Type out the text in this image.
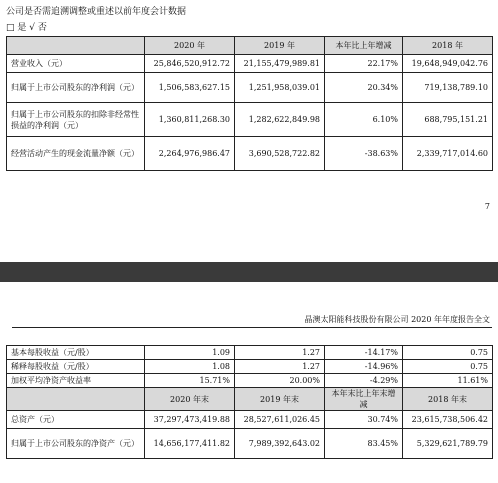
公司是否需追溯调整或重述以前年度会计数据
□ 是 √ 否
	2020 年	2019 年	本年比上年增减	2018 年
营业收入（元）	25,846,520,912.72	21,155,479,989.81	22.17%	19,648,949,042.76
归属于上市公司股东的净利润（元）	1,506,583,627.15	1,251,958,039.01	20.34%	719,138,789.10
归属于上市公司股东的扣除非经常性损益的净利润（元）	1,360,811,268.30	1,282,622,849.98	6.10%	688,795,151.21
经营活动产生的现金流量净额（元）	2,264,976,986.47	3,690,528,722.82	-38.63%	2,339,717,014.60
7
晶澳太阳能科技股份有限公司 2020 年年度报告全文
基本每股收益（元/股）	1.09	1.27	-14.17%	0.75
稀释每股收益（元/股）	1.08	1.27	-14.96%	0.75
加权平均净资产收益率	15.71%	20.00%	-4.29%	11.61%
	2020 年末	2019 年末	本年末比上年末增减	2018 年末
总资产（元）	37,297,473,419.88	28,527,611,026.45	30.74%	23,615,738,506.42
归属于上市公司股东的净资产（元）	14,656,177,411.82	7,989,392,643.02	83.45%	5,329,621,789.79
